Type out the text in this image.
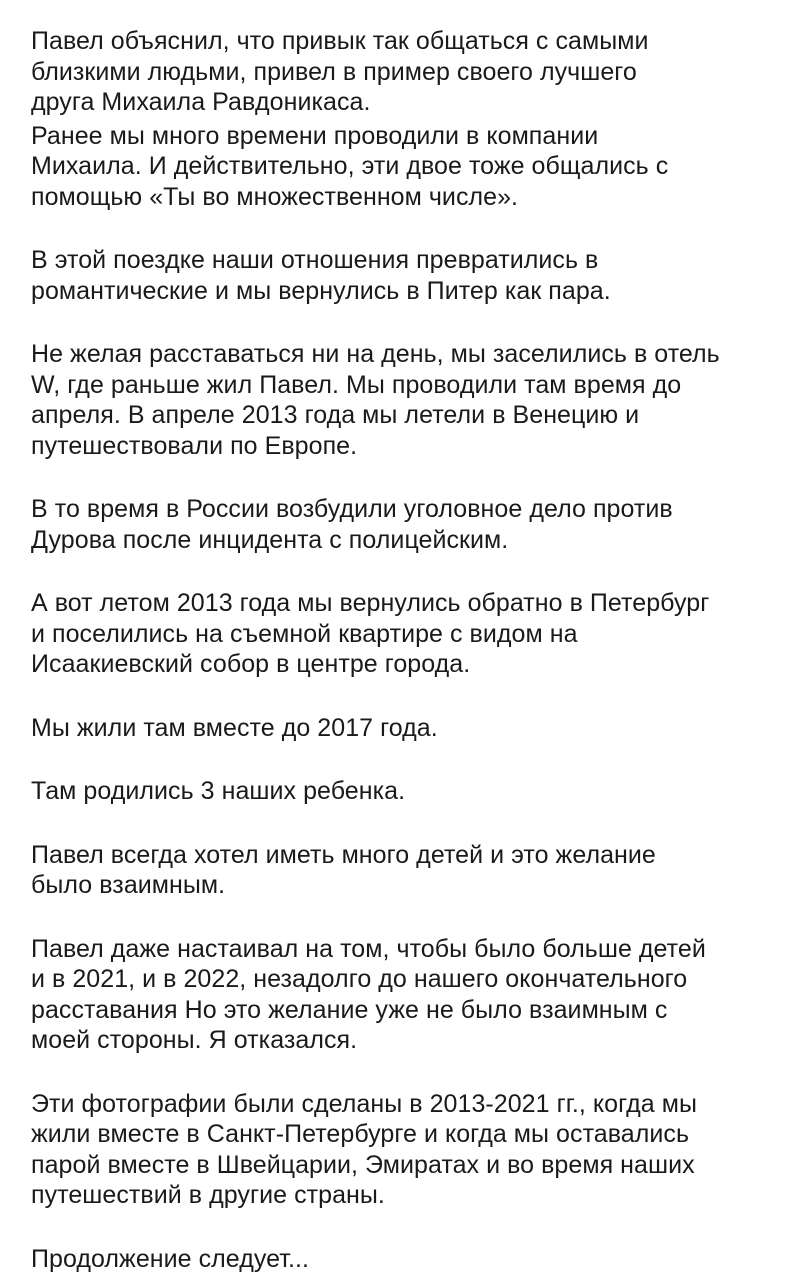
Павел объяснил, что привык так общаться с самыми
близкими людьми, привел в пример своего лучшего
друга Михаила Равдоникаса.

Ранее мы много времени проводили в компании
Михаила. И действительно, эти двое тоже общались с
помощью «Ты во множественном числе».

В этой поездке наши отношения превратились в
романтические и мы вернулись в Питер как пара.

Не желая расставаться ни на день, мы заселились в отель
W, где раньше жил Павел. Мы проводили там время до
апреля. В апреле 2013 года мы летели в Венецию и
путешествовали по Европе.

В то время в России возбудили уголовное дело против
Дурова после инцидента с полицейским.

А вот летом 2013 года мы вернулись обратно в Петербург
и поселились на съемной квартире с видом на
Исаакиевский собор в центре города.

Мы жили там вместе до 2017 года.

Там родились 3 наших ребенка.

Павел всегда хотел иметь много детей и это желание
было взаимным.

Павел даже настаивал на том, чтобы было больше детей
и в 2021, и в 2022, незадолго до нашего окончательного
расставания Но это желание уже не было взаимным с
моей стороны. Я отказался.

Эти фотографии были сделаны в 2013-2021 гг., когда мы
жили вместе в Санкт-Петербурге и когда мы оставались
парой вместе в Швейцарии, Эмиратах и во время наших
путешествий в другие страны.

Продолжение следует...
